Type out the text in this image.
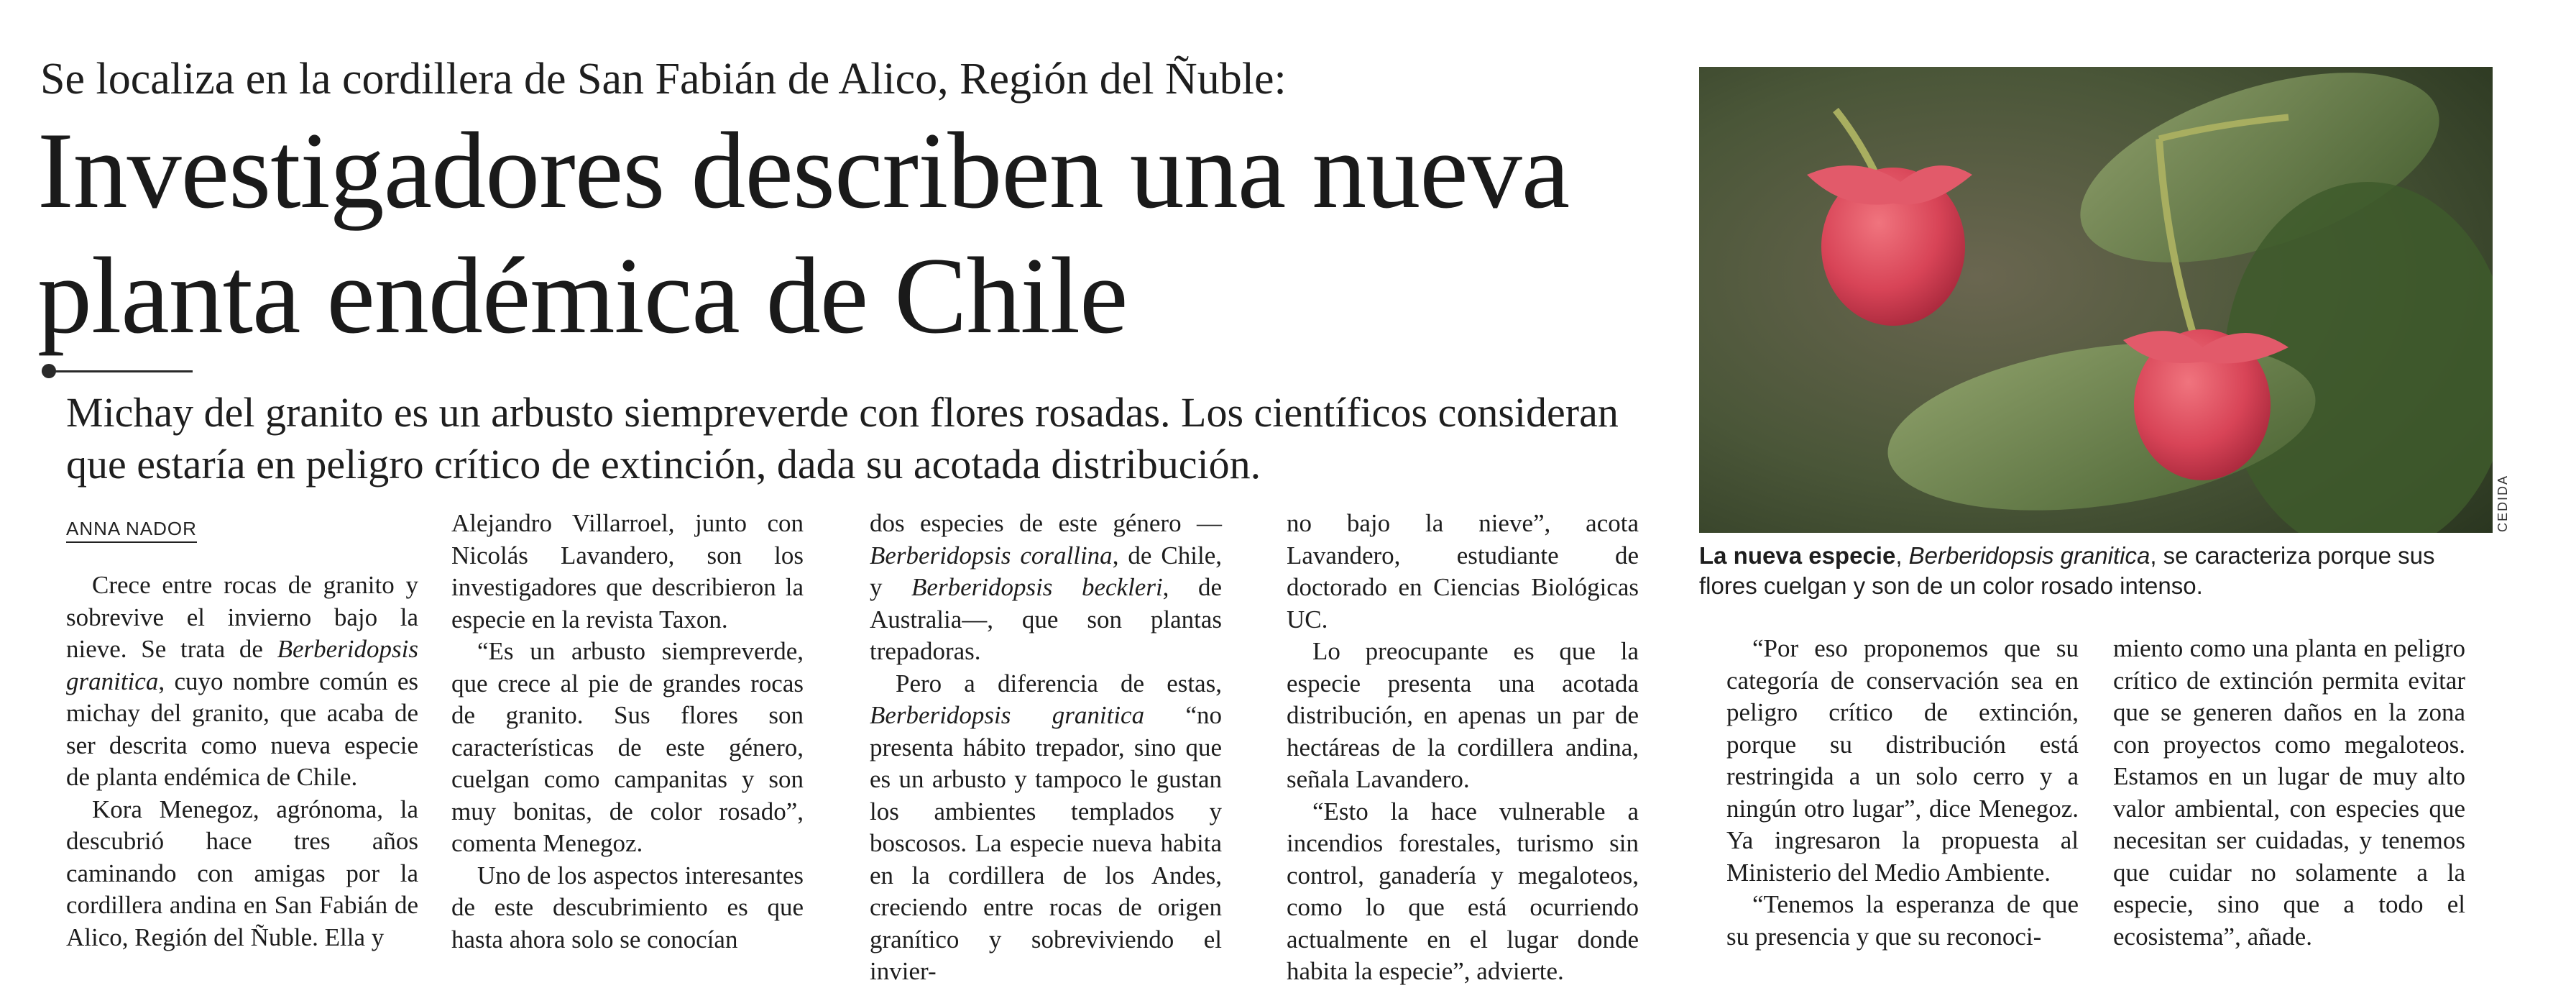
Se localiza en la cordillera de San Fabián de Alico, Región del Ñuble:
Investigadores describen una nueva
planta endémica de Chile
Michay del granito es un arbusto siempreverde con flores rosadas. Los científicos consideran que estaría en peligro crítico de extinción, dada su acotada distribución.
ANNA NADOR

Crece entre rocas de granito y sobrevive el invierno bajo la nieve. Se trata de Berberidopsis granitica, cuyo nombre común es michay del granito, que acaba de ser descrita como nueva especie de planta endémica de Chile.

Kora Menegoz, agrónoma, la descubrió hace tres años caminando con amigas por la cordillera andina en San Fabián de Alico, Región del Ñuble. Ella y

Alejandro Villarroel, junto con Nicolás Lavandero, son los investigadores que describieron la especie en la revista Taxon.

“Es un arbusto siempreverde, que crece al pie de grandes rocas de granito. Sus flores son características de este género, cuelgan como campanitas y son muy bonitas, de color rosado”, comenta Menegoz.

Uno de los aspectos interesantes de este descubrimiento es que hasta ahora solo se conocían

dos especies de este género —Berberidopsis corallina, de Chile, y Berberidopsis beckleri, de Australia—, que son plantas trepadoras.

Pero a diferencia de estas, Berberidopsis granitica “no presenta hábito trepador, sino que es un arbusto y tampoco le gustan los ambientes templados y boscosos. La especie nueva habita en la cordillera de los Andes, creciendo entre rocas de origen granítico y sobreviviendo el invier-

no bajo la nieve”, acota Lavandero, estudiante de doctorado en Ciencias Biológicas UC.

Lo preocupante es que la especie presenta una acotada distribución, en apenas un par de hectáreas de la cordillera andina, señala Lavandero.

“Esto la hace vulnerable a incendios forestales, turismo sin control, ganadería y megaloteos, como lo que está ocurriendo actualmente en el lugar donde habita la especie”, advierte.

CEDIDA
La nueva especie, Berberidopsis granitica, se caracteriza porque sus flores cuelgan y son de un color rosado intenso.

“Por eso proponemos que su categoría de conservación sea en peligro crítico de extinción, porque su distribución está restringida a un solo cerro y a ningún otro lugar”, dice Menegoz. Ya ingresaron la propuesta al Ministerio del Medio Ambiente.

“Tenemos la esperanza de que su presencia y que su reconoci-

miento como una planta en peligro crítico de extinción permita evitar que se generen daños en la zona con proyectos como megaloteos. Estamos en un lugar de muy alto valor ambiental, con especies que necesitan ser cuidadas, y tenemos que cuidar no solamente a la especie, sino que a todo el ecosistema”, añade.
